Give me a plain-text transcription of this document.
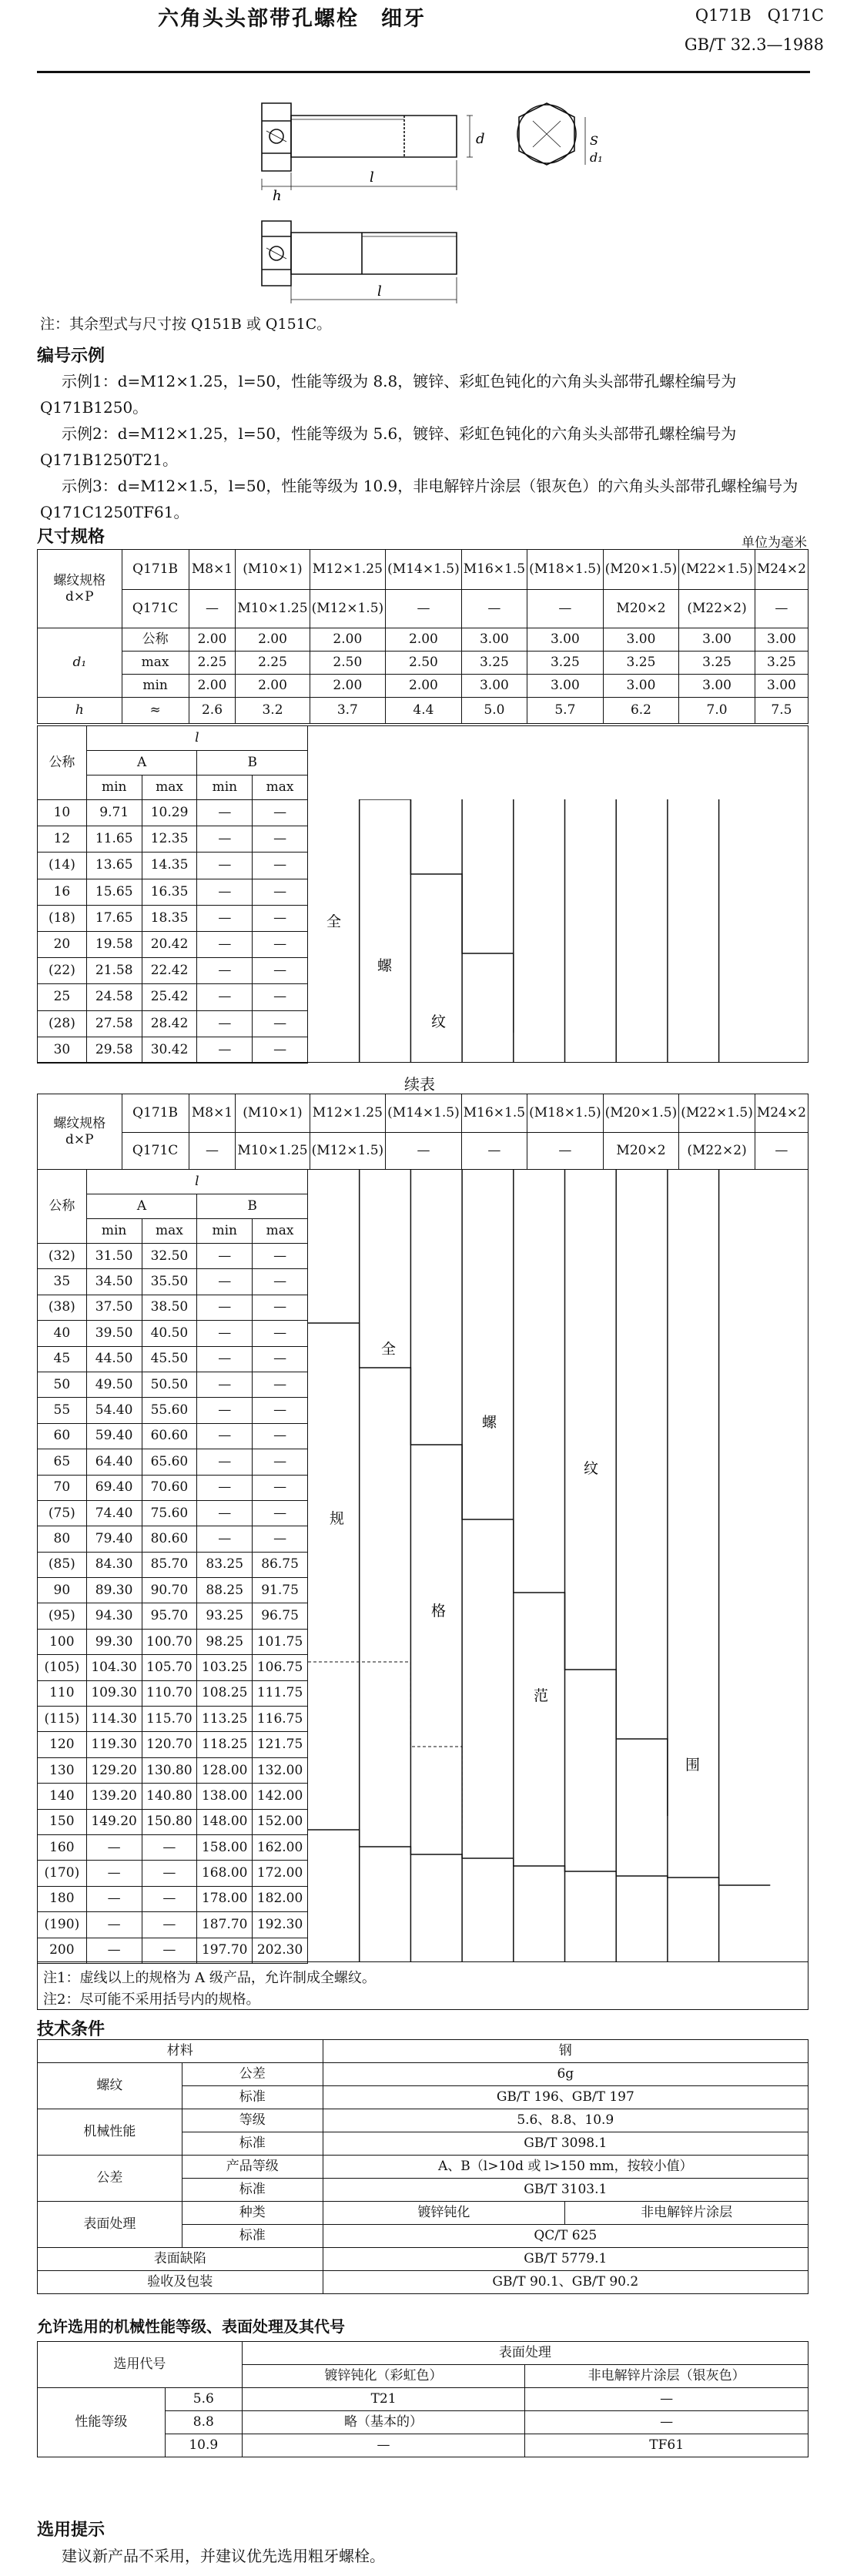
六角头头部带孔螺栓　细牙	Q171B　Q171C
GB/T 32.3—1988
d
h
l
l
S
d₁
注：其余型式与尺寸按 Q151B 或 Q151C。
编号示例
示例1：d=M12×1.25，l=50，性能等级为 8.8，镀锌、彩虹色钝化的六角头头部带孔螺栓编号为 Q171B1250。
示例2：d=M12×1.25，l=50，性能等级为 5.6，镀锌、彩虹色钝化的六角头头部带孔螺栓编号为 Q171B1250T21。
示例3：d=M12×1.5，l=50，性能等级为 10.9，非电解锌片涂层（银灰色）的六角头头部带孔螺栓编号为 Q171C1250TF61。
尺寸规格	单位为毫米
螺纹规格 d×P	Q171B	M8×1	(M10×1)	M12×1.25	(M14×1.5)	M16×1.5	(M18×1.5)	(M20×1.5)	(M22×1.5)	M24×2
	Q171C	—	M10×1.25	(M12×1.5)	—	—	—	M20×2	(M22×2)	—
d₁	公称	2.00	2.00	2.00	2.00	3.00	3.00	3.00	3.00	3.00
	max	2.25	2.25	2.50	2.50	3.25	3.25	3.25	3.25	3.25
	min	2.00	2.00	2.00	2.00	3.00	3.00	3.00	3.00	3.00
h	≈	2.6	3.2	3.7	4.4	5.0	5.7	6.2	7.0	7.5
公称	l			
	A		B	
	min	max	min	max
10	9.71	10.29	—	—
12	11.65	12.35	—	—
(14)	13.65	14.35	—	—
16	15.65	16.35	—	—
(18)	17.65	18.35	—	—
20	19.58	20.42	—	—
(22)	21.58	22.42	—	—
25	24.58	25.42	—	—
(28)	27.58	28.42	—	—
30	29.58	30.42	—	—
全
螺
纹
续表
螺纹规格 d×P	Q171B	M8×1	(M10×1)	M12×1.25	(M14×1.5)	M16×1.5	(M18×1.5)	(M20×1.5)	(M22×1.5)	M24×2
	Q171C	—	M10×1.25	(M12×1.5)	—	—	—	M20×2	(M22×2)	—
公称	l			
	A		B	
	min	max	min	max
(32)	31.50	32.50	—	—
35	34.50	35.50	—	—
(38)	37.50	38.50	—	—
40	39.50	40.50	—	—
45	44.50	45.50	—	—
50	49.50	50.50	—	—
55	54.40	55.60	—	—
60	59.40	60.60	—	—
65	64.40	65.60	—	—
70	69.40	70.60	—	—
(75)	74.40	75.60	—	—
80	79.40	80.60	—	—
(85)	84.30	85.70	83.25	86.75
90	89.30	90.70	88.25	91.75
(95)	94.30	95.70	93.25	96.75
100	99.30	100.70	98.25	101.75
(105)	104.30	105.70	103.25	106.75
110	109.30	110.70	108.25	111.75
(115)	114.30	115.70	113.25	116.75
120	119.30	120.70	118.25	121.75
130	129.20	130.80	128.00	132.00
140	139.20	140.80	138.00	142.00
150	149.20	150.80	148.00	152.00
160	—	—	158.00	162.00
(170)	—	—	168.00	172.00
180	—	—	178.00	182.00
(190)	—	—	187.70	192.30
200	—	—	197.70	202.30
全
螺
纹
规
格
范
围
注1：虚线以上的规格为 A 级产品，允许制成全螺纹。
注2：尽可能不采用括号内的规格。
技术条件
材料		钢	
螺纹	公差	6g	
	标准	GB/T 196、GB/T 197	
机械性能	等级	5.6、8.8、10.9	
	标准	GB/T 3098.1	
公差	产品等级	A、B（l>10d 或 l>150 mm，按较小值）	
	标准	GB/T 3103.1	
表面处理	种类	镀锌钝化	非电解锌片涂层
	标准	QC/T 625	
表面缺陷		GB/T 5779.1	
验收及包装		GB/T 90.1、GB/T 90.2	
允许选用的机械性能等级、表面处理及其代号
选用代号		表面处理	
		镀锌钝化（彩虹色）	非电解锌片涂层（银灰色）
性能等级	5.6	T21	—
	8.8	略（基本的）	—
	10.9	—	TF61
选用提示
建议新产品不采用，并建议优先选用粗牙螺栓。
